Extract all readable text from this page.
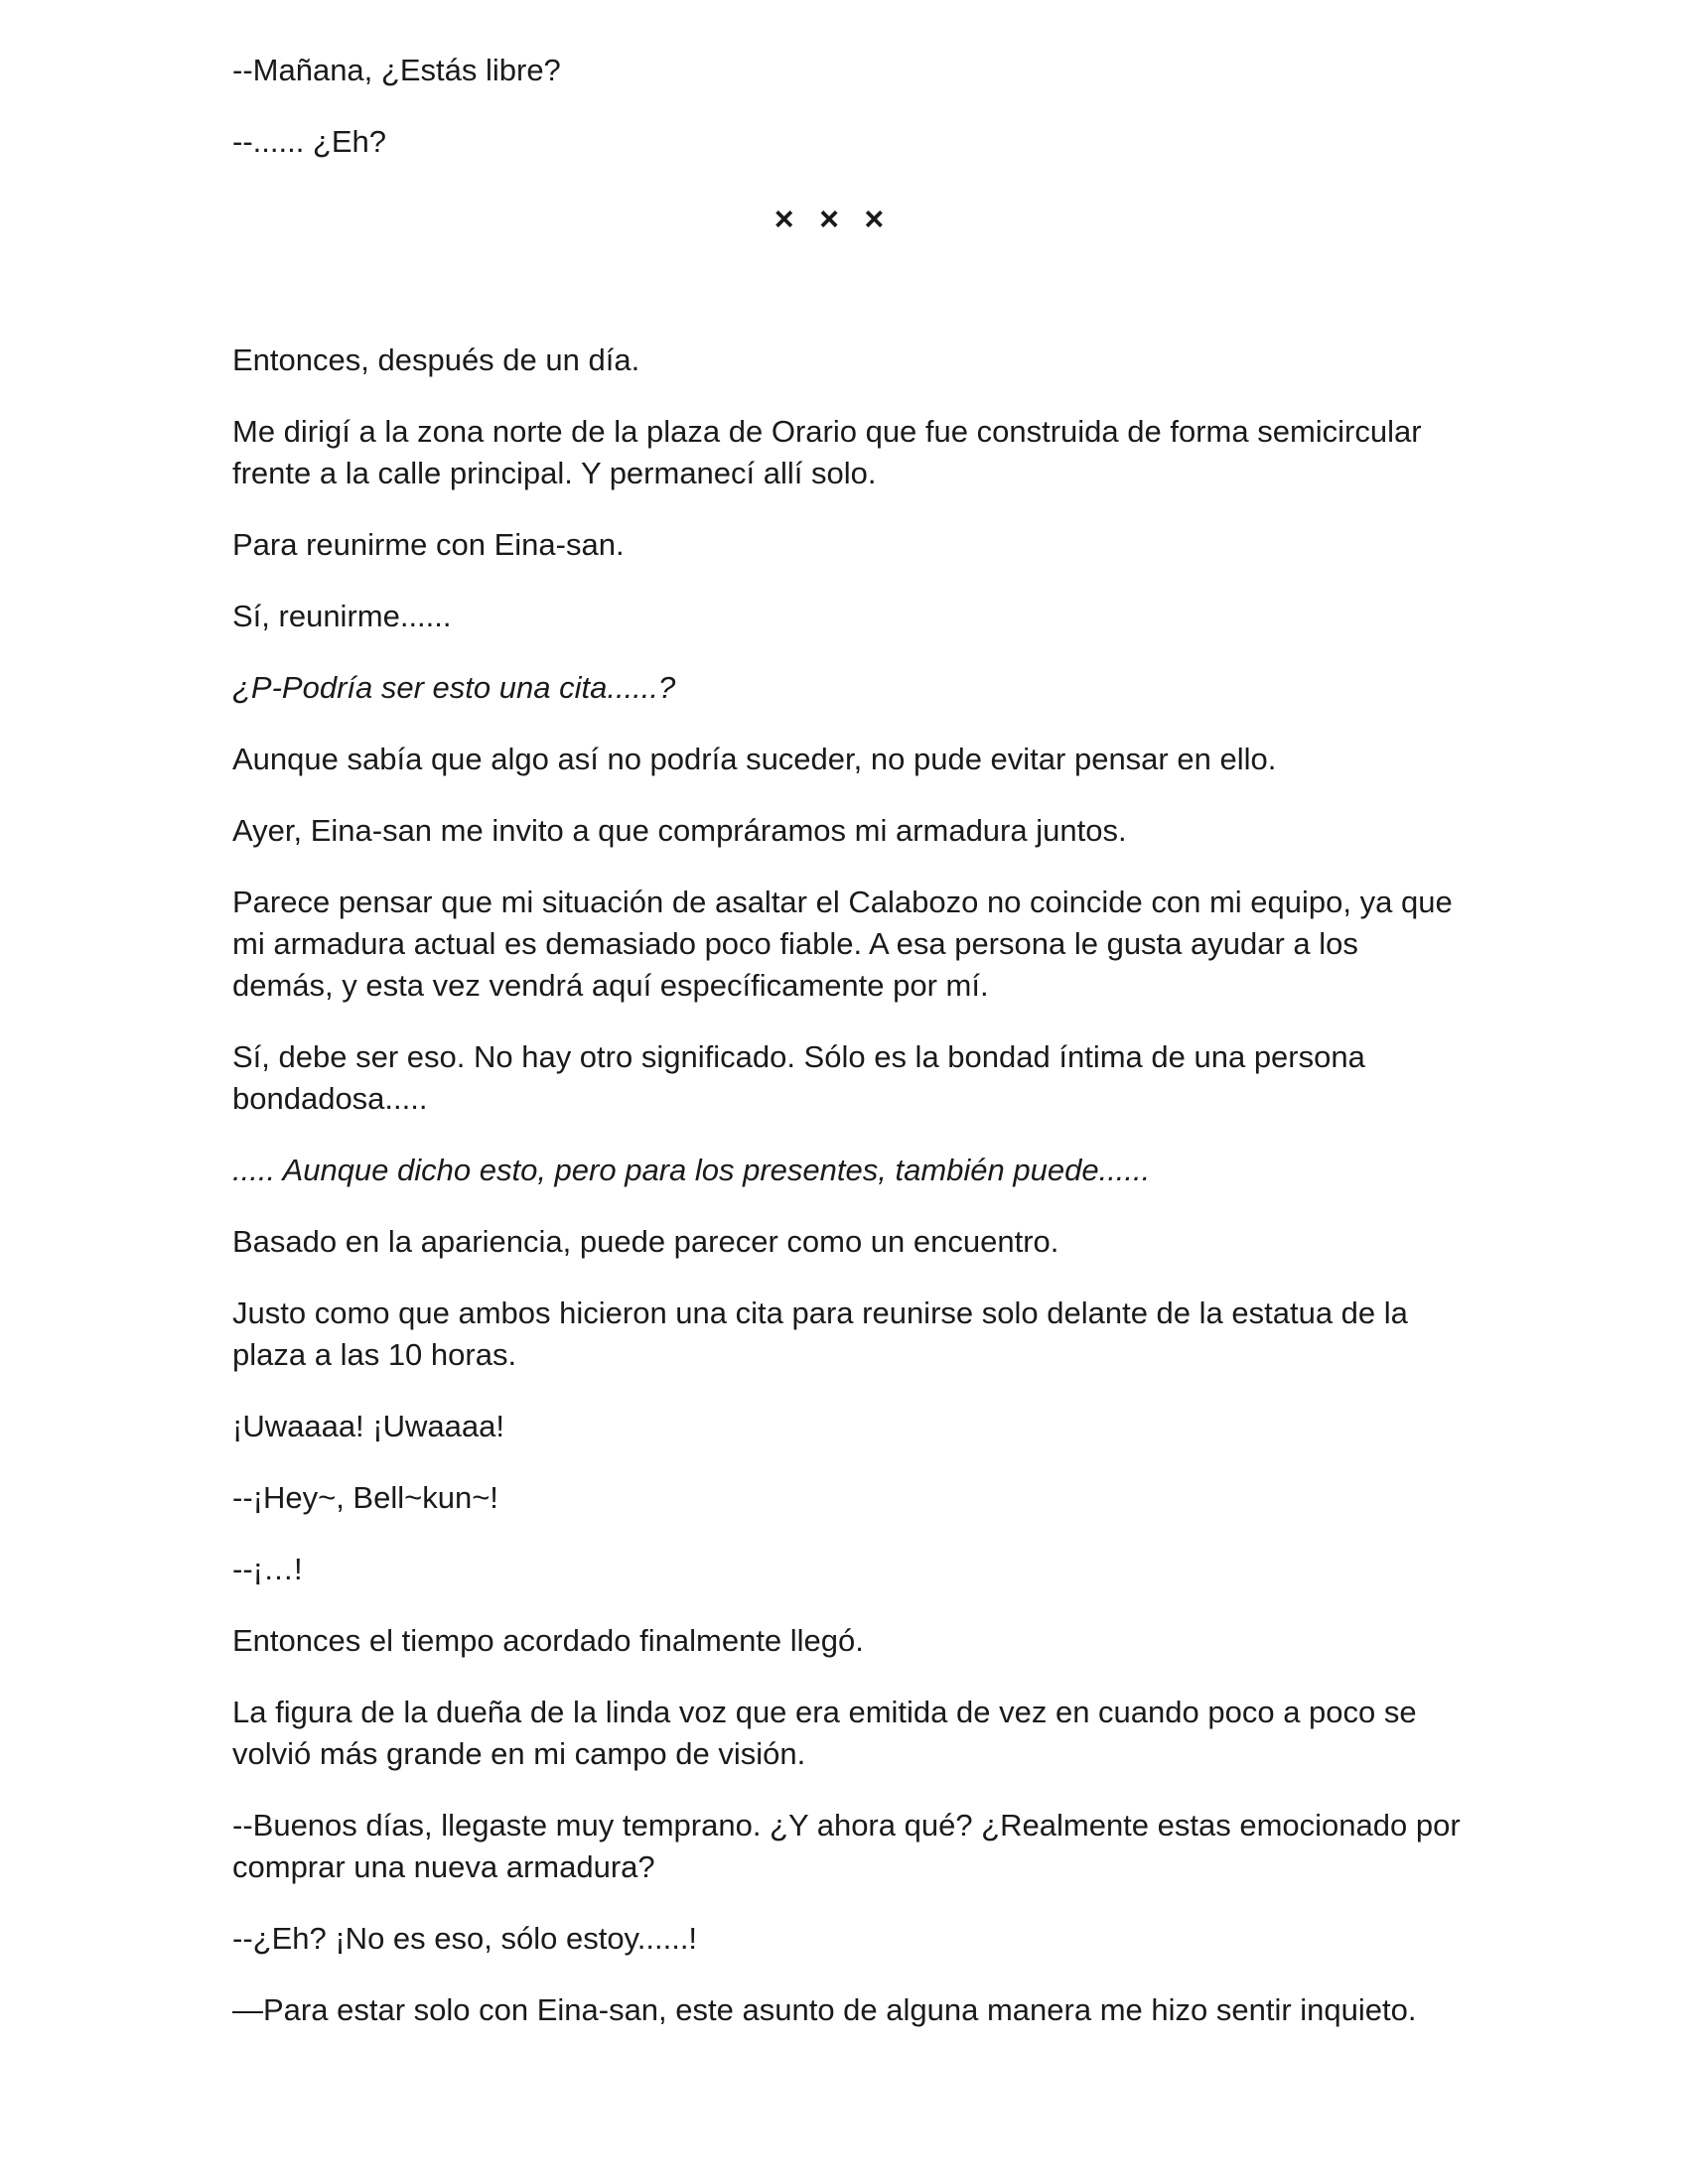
--Mañana, ¿Estás libre?

--...... ¿Eh?

× × ×

Entonces, después de un día.

Me dirigí a la zona norte de la plaza de Orario que fue construida de forma semicircular frente a la calle principal. Y permanecí allí solo.

Para reunirme con Eina-san.

Sí, reunirme......

¿P-Podría ser esto una cita......?

Aunque sabía que algo así no podría suceder, no pude evitar pensar en ello.

Ayer, Eina-san me invito a que compráramos mi armadura juntos.

Parece pensar que mi situación de asaltar el Calabozo no coincide con mi equipo, ya que mi armadura actual es demasiado poco fiable. A esa persona le gusta ayudar a los demás, y esta vez vendrá aquí específicamente por mí.

Sí, debe ser eso. No hay otro significado. Sólo es la bondad íntima de una persona bondadosa.....

..... Aunque dicho esto, pero para los presentes, también puede......

Basado en la apariencia, puede parecer como un encuentro.

Justo como que ambos hicieron una cita para reunirse solo delante de la estatua de la plaza a las 10 horas.

¡Uwaaaa! ¡Uwaaaa!

--¡Hey~, Bell~kun~!

--¡…!

Entonces el tiempo acordado finalmente llegó.

La figura de la dueña de la linda voz que era emitida de vez en cuando poco a poco se volvió más grande en mi campo de visión.

--Buenos días, llegaste muy temprano. ¿Y ahora qué? ¿Realmente estas emocionado por comprar una nueva armadura?

--¿Eh? ¡No es eso, sólo estoy......!

—Para estar solo con Eina-san, este asunto de alguna manera me hizo sentir inquieto.
